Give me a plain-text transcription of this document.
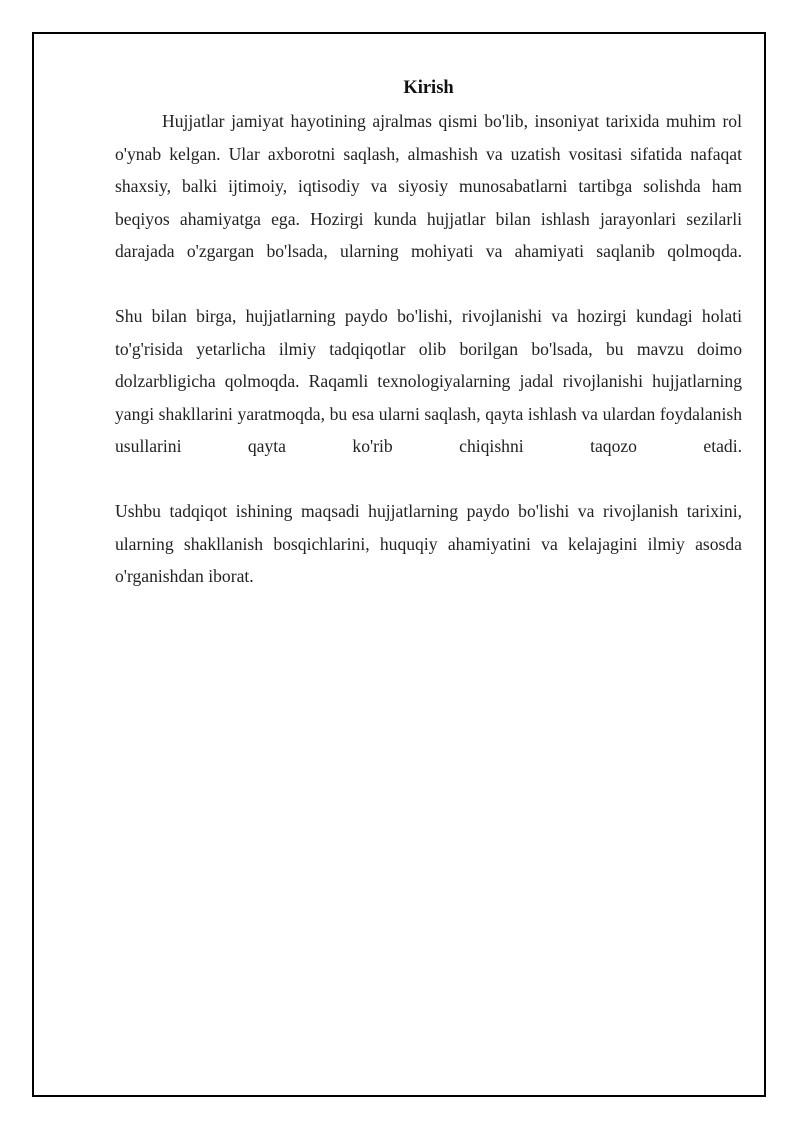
Kirish

Hujjatlar jamiyat hayotining ajralmas qismi bo'lib, insoniyat tarixida muhim rol o'ynab kelgan. Ular axborotni saqlash, almashish va uzatish vositasi sifatida nafaqat shaxsiy, balki ijtimoiy, iqtisodiy va siyosiy munosabatlarni tartibga solishda ham beqiyos ahamiyatga ega. Hozirgi kunda hujjatlar bilan ishlash jarayonlari sezilarli darajada o'zgargan bo'lsada, ularning mohiyati va ahamiyati saqlanib qolmoqda.

Shu bilan birga, hujjatlarning paydo bo'lishi, rivojlanishi va hozirgi kundagi holati to'g'risida yetarlicha ilmiy tadqiqotlar olib borilgan bo'lsada, bu mavzu doimo dolzarbligicha qolmoqda. Raqamli texnologiyalarning jadal rivojlanishi hujjatlarning yangi shakllarini yaratmoqda, bu esa ularni saqlash, qayta ishlash va ulardan foydalanish usullarini qayta ko'rib chiqishni taqozo etadi.

Ushbu tadqiqot ishining maqsadi hujjatlarning paydo bo'lishi va rivojlanish tarixini, ularning shakllanish bosqichlarini, huquqiy ahamiyatini va kelajagini ilmiy asosda o'rganishdan iborat.
